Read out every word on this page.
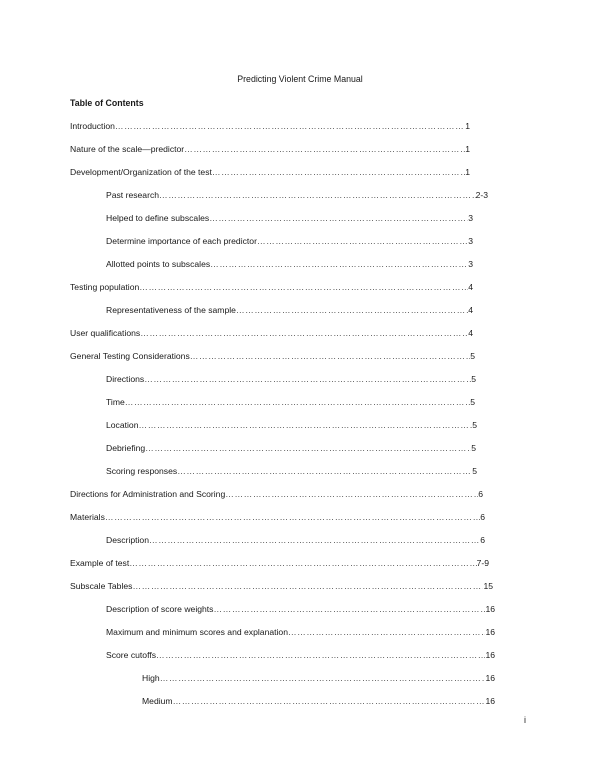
Predicting Violent Crime Manual
Table of Contents
Introduction ……………………………………………………………………………………………………………………………………………………………………………………………………………………	1
Nature of the scale—predictor ……………………………………………………………………………………………………………………………………………………………………………………………………………………	1
Development/Organization of the test ……………………………………………………………………………………………………………………………………………………………………………………………………………………	1
Past research ……………………………………………………………………………………………………………………………………………………………………………………………………………………	2-3
Helped to define subscales ……………………………………………………………………………………………………………………………………………………………………………………………………………………	3
Determine importance of each predictor ……………………………………………………………………………………………………………………………………………………………………………………………………………………	3
Allotted points to subscales ……………………………………………………………………………………………………………………………………………………………………………………………………………………	3
Testing population ……………………………………………………………………………………………………………………………………………………………………………………………………………………	4
Representativeness of the sample ……………………………………………………………………………………………………………………………………………………………………………………………………………………	4
User qualifications ……………………………………………………………………………………………………………………………………………………………………………………………………………………	4
General Testing Considerations ……………………………………………………………………………………………………………………………………………………………………………………………………………………	5
Directions ……………………………………………………………………………………………………………………………………………………………………………………………………………………	5
Time ……………………………………………………………………………………………………………………………………………………………………………………………………………………	5
Location ……………………………………………………………………………………………………………………………………………………………………………………………………………………	5
Debriefing ……………………………………………………………………………………………………………………………………………………………………………………………………………………	5
Scoring responses ……………………………………………………………………………………………………………………………………………………………………………………………………………………	5
Directions for Administration and Scoring ……………………………………………………………………………………………………………………………………………………………………………………………………………………	6
Materials ……………………………………………………………………………………………………………………………………………………………………………………………………………………	6
Description ……………………………………………………………………………………………………………………………………………………………………………………………………………………	6
Example of test ……………………………………………………………………………………………………………………………………………………………………………………………………………………	7-9
Subscale Tables ……………………………………………………………………………………………………………………………………………………………………………………………………………………	15
Description of score weights ……………………………………………………………………………………………………………………………………………………………………………………………………………………	16
Maximum and minimum scores and explanation ……………………………………………………………………………………………………………………………………………………………………………………………………………………	16
Score cutoffs ……………………………………………………………………………………………………………………………………………………………………………………………………………………	16
High ……………………………………………………………………………………………………………………………………………………………………………………………………………………	16
Medium ……………………………………………………………………………………………………………………………………………………………………………………………………………………	16
i
